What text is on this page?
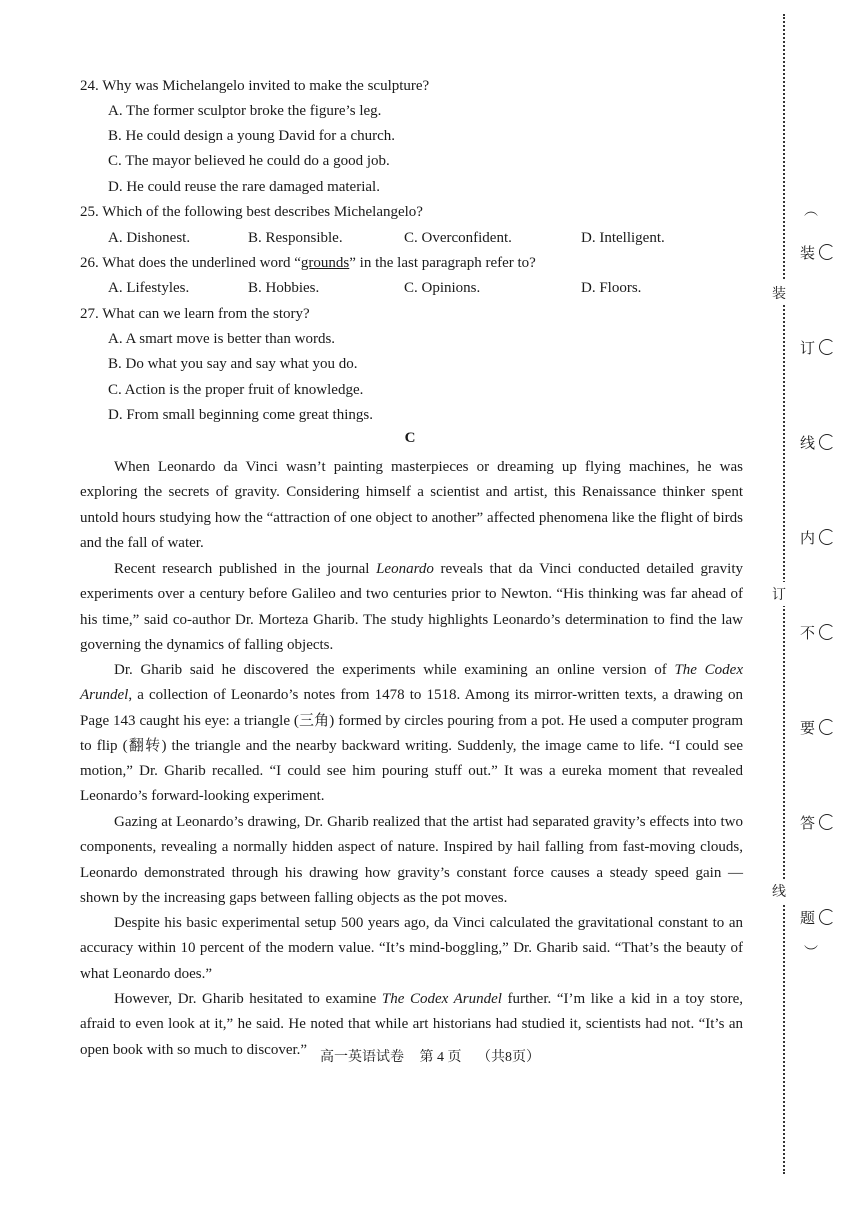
24. Why was Michelangelo invited to make the sculpture?
A. The former sculptor broke the figure’s leg.
B. He could design a young David for a church.
C. The mayor believed he could do a good job.
D. He could reuse the rare damaged material.
25. Which of the following best describes Michelangelo?
A. Dishonest.	B. Responsible.	C. Overconfident.	D. Intelligent.
26. What does the underlined word “grounds” in the last paragraph refer to?
A. Lifestyles.	B. Hobbies.	C. Opinions.	D. Floors.
27. What can we learn from the story?
A. A smart move is better than words.
B. Do what you say and say what you do.
C. Action is the proper fruit of knowledge.
D. From small beginning come great things.
C

When Leonardo da Vinci wasn’t painting masterpieces or dreaming up flying machines, he was exploring the secrets of gravity. Considering himself a scientist and artist, this Renaissance thinker spent untold hours studying how the “attraction of one object to another” affected phenomena like the flight of birds and the fall of water.

Recent research published in the journal Leonardo reveals that da Vinci conducted detailed gravity experiments over a century before Galileo and two centuries prior to Newton. “His thinking was far ahead of his time,” said co-author Dr. Morteza Gharib. The study highlights Leonardo’s determination to find the law governing the dynamics of falling objects.

Dr. Gharib said he discovered the experiments while examining an online version of The Codex Arundel, a collection of Leonardo’s notes from 1478 to 1518. Among its mirror-written texts, a drawing on Page 143 caught his eye: a triangle (三角) formed by circles pouring from a pot. He used a computer program to flip (翻转) the triangle and the nearby backward writing. Suddenly, the image came to life. “I could see motion,” Dr. Gharib recalled. “I could see him pouring stuff out.” It was a eureka moment that revealed Leonardo’s forward-looking experiment.

Gazing at Leonardo’s drawing, Dr. Gharib realized that the artist had separated gravity’s effects into two components, revealing a normally hidden aspect of nature. Inspired by hail falling from fast-moving clouds, Leonardo demonstrated through his drawing how gravity’s constant force causes a steady speed gain — shown by the increasing gaps between falling objects as the pot moves.

Despite his basic experimental setup 500 years ago, da Vinci calculated the gravitational constant to an accuracy within 10 percent of the modern value. “It’s mind-boggling,” Dr. Gharib said. “That’s the beauty of what Leonardo does.”

However, Dr. Gharib hesitated to examine The Codex Arundel further. “I’m like a kid in a toy store, afraid to even look at it,” he said. He noted that while art historians had studied it, scientists had not. “It’s an open book with so much to discover.” 高一英语试卷 第 4 页 （共8页）
装
订
线
︵
装
订
线
内
不
要
答
题
︶
